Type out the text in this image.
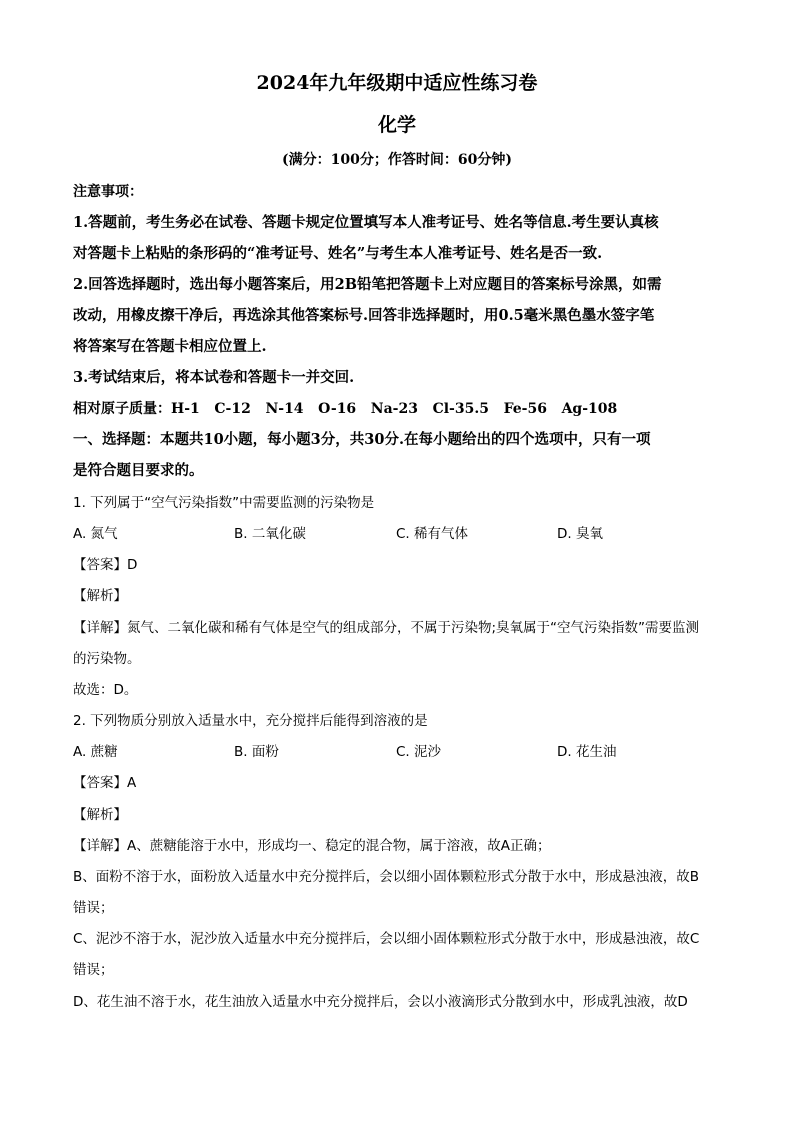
2024年九年级期中适应性练习卷
化学
(满分：100分；作答时间：60分钟)
注意事项：
1.答题前，考生务必在试卷、答题卡规定位置填写本人准考证号、姓名等信息.考生要认真核
对答题卡上粘贴的条形码的“准考证号、姓名”与考生本人准考证号、姓名是否一致.
2.回答选择题时，选出每小题答案后，用2B铅笔把答题卡上对应题目的答案标号涂黑，如需
改动，用橡皮擦干净后，再选涂其他答案标号.回答非选择题时，用0.5毫米黑色墨水签字笔
将答案写在答题卡相应位置上.
3.考试结束后，将本试卷和答题卡一并交回.
相对原子质量：H-1   C-12   N-14   O-16   Na-23   Cl-35.5   Fe-56   Ag-108
一、选择题：本题共10小题，每小题3分，共30分.在每小题给出的四个选项中，只有一项
是符合题目要求的。
1. 下列属于“空气污染指数”中需要监测的污染物是
A. 氮气	B. 二氧化碳	C. 稀有气体	D. 臭氧
【答案】D
【解析】
【详解】氮气、二氧化碳和稀有气体是空气的组成部分，不属于污染物;臭氧属于“空气污染指数”需要监测
的污染物。
故选：D。
2. 下列物质分别放入适量水中，充分搅拌后能得到溶液的是
A. 蔗糖	B. 面粉	C. 泥沙	D. 花生油
【答案】A
【解析】
【详解】A、蔗糖能溶于水中，形成均一、稳定的混合物，属于溶液，故A正确；
B、面粉不溶于水，面粉放入适量水中充分搅拌后，会以细小固体颗粒形式分散于水中，形成悬浊液，故B
错误；
C、泥沙不溶于水，泥沙放入适量水中充分搅拌后，会以细小固体颗粒形式分散于水中，形成悬浊液，故C
错误；
D、花生油不溶于水，花生油放入适量水中充分搅拌后，会以小液滴形式分散到水中，形成乳浊液，故D
